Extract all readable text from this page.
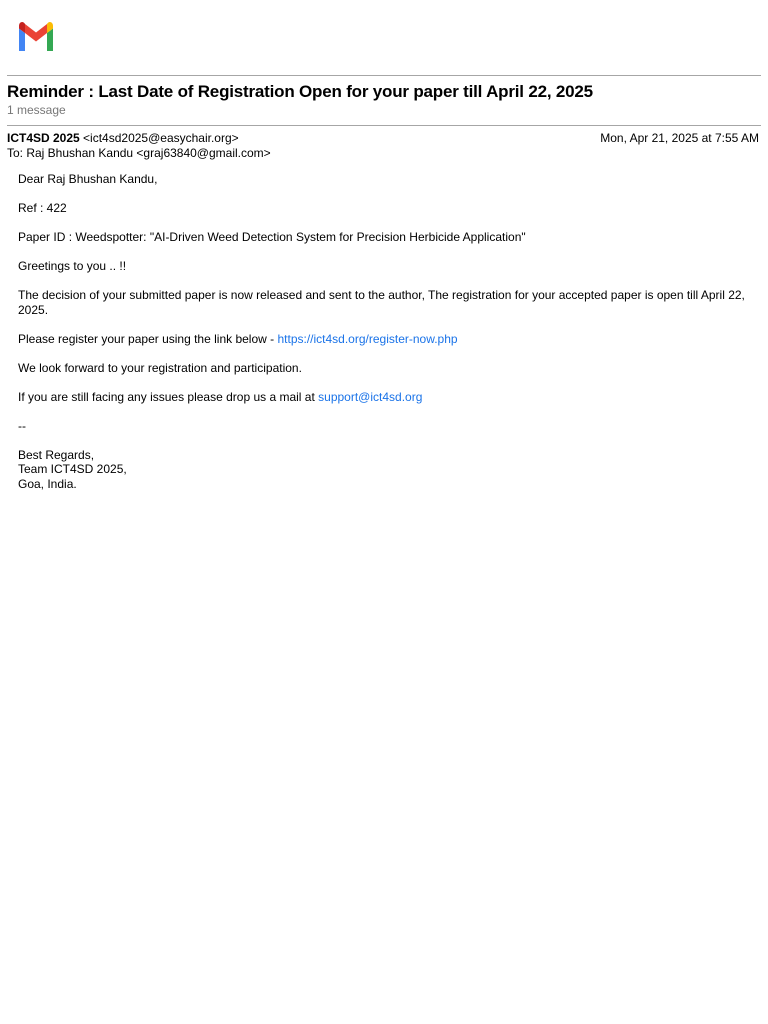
Reminder : Last Date of Registration Open for your paper till April 22, 2025
1 message
ICT4SD 2025 <ict4sd2025@easychair.org>	Mon, Apr 21, 2025 at 7:55 AM
To: Raj Bhushan Kandu <graj63840@gmail.com>

Dear Raj Bhushan Kandu,

Ref : 422

Paper ID : Weedspotter: "AI-Driven Weed Detection System for Precision Herbicide Application"

Greetings to you .. !!

The decision of your submitted paper is now released and sent to the author, The registration for your accepted paper is open till April 22, 2025.

Please register your paper using the link below - https://ict4sd.org/register-now.php

We look forward to your registration and participation.

If you are still facing any issues please drop us a mail at support@ict4sd.org

--

Best Regards,
Team ICT4SD 2025,
Goa, India.
